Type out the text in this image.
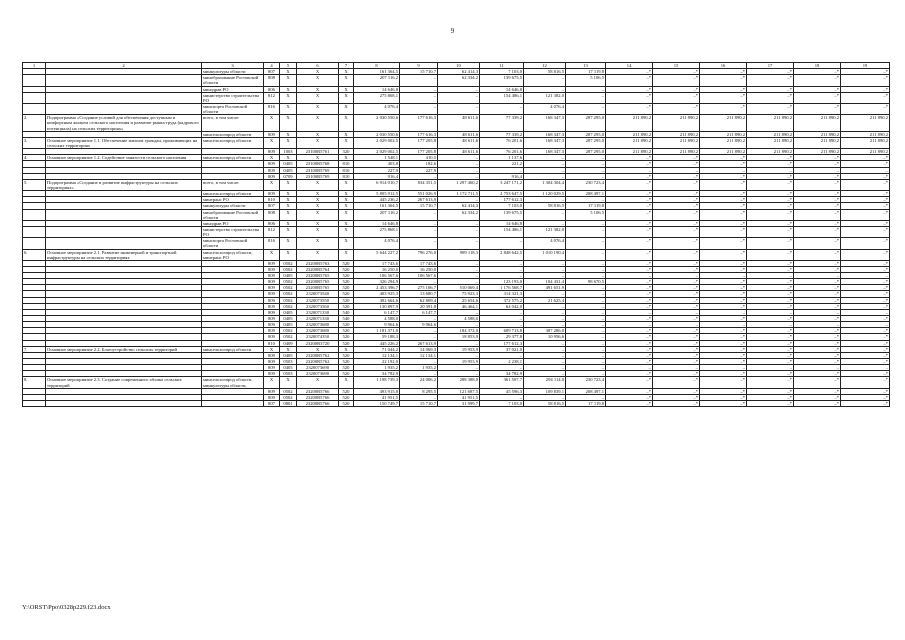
9
1	2	3	4	5	6	7	8	9	10	11	12	13	14	15	16	17	18	19
		минкультуры области	807	X	X	X	161 364,5	15 710,7	62 414,3	7 103,0	58 816,5	17 119,8	–*	–*	–*	–*	–*	–*
		минобразование Ростовской области	808	X	X	X	207 116,2	–	62 334,2	139 675,5	–	5 106,5	–*	–*	–*	–*	–*	–*
		минздрав РО	806	X	X	X	14 646,8	–	–	14 646,8	–	–	–*	–*	–*	–*	–*	–*
		министерство строительства РО	812	X	X	X	275 868,1	–	–	154 486,1	121 382,0	–	–*	–*	–*	–*	–*	–*
		минспорта Ростовской области	816	X	X	X	4 076,4	–	–	–	4 076,4	–	–*	–*	–*	–*	–*	–*
2.	Подпрограмма «Создание условий для обеспечения доступным и комфортным жильем сельского населения и развитие рынка труда (кадрового потенциала) на сельских территориях»	всего, в том числе:	X	X	X	X	2 030 550,6	177 616,3	48 611,6	77 339,2	168 347,3	287 295,0	211 890,2	211 890,2	211 890,2	211 890,2	211 890,2	211 890,2
		минсельхозпрод области	809	X	X	X	2 030 550,6	177 616,3	48 611,6	77 339,2	168 347,3	287 295,0	211 890,2	211 890,2	211 890,2	211 890,2	211 890,2	211 890,2
3.	Основное мероприятие 1.1. Обеспечение жильем граждан, проживающих на сельских территориях	минсельхозпрод области	X	X	X	X	2 029 002,5	177 205,8	48 611,6	76 201,6	168 347,3	287 295,0	211 890,2	211 890,2	211 890,2	211 890,2	211 890,2	211 890,2
			809	1003	23100R5761	320	2 029 002,5	177 205,8	48 611,6	76 201,6	168 347,3	287 295,0	211 890,2	211 890,2	211 890,2	211 890,2	211 890,2	211 890,2
4.	Основное мероприятие 1.2. Содействие занятости сельского населения	минсельхозпрод области	X	X	X	X	1 548,1	410,5	–	1 137,6	–	–	–*	–*	–*	–*	–*	–*
			809	0405	23100R5768	810	403,8	182,6	–	221,2	–	–	–*	–*	–*	–*	–*	–*
			809	0405	23100R5769	810	227,9	227,9	–	–	–	–	–	–	–	–	–	–
			809	0709	23100R5769	810	916,4	–	–	916,4	–	–	–*	–*	–*	–*	–*	–*
5.	Подпрограмма «Создание и развитие инфраструктуры на сельских территориях»	всего, в том числе:	X	X	X	X	6 914 010,7	834 351,5	1 297 460,2	3 247 171,2	1 304 304,4	230 723,4	–*	–*	–*	–*	–*	–*
		минсельхозпрод области	809	X	X	X	5 805 912,5	551 026,9	1 172 711,5	2 753 647,5	1 120 029,5	208 497,1	–*	–*	–*	–*	–*	–*
		минтранс РО	810	X	X	X	445 236,2	267 613,9	–	177 612,3	–	–	–*	–*	–*	–*	–*	–*
		минкультуры области	807	X	X	X	161 364,5	15 710,7	62 414,3	7 103,0	58 816,5	17 119,8	–*	–*	–*	–*	–*	–*
		минобразование Ростовской области	808	X	X	X	207 116,2	–	62 334,2	139 675,5	–	5 106,5	–*	–*	–*	–*	–*	–*
		минздрав РО	806	X	X	X	14 646,8	–	–	14 646,8	–	–	–*	–*	–*	–*	–*	–*
		министерство строительства РО	812	X	X	X	275 868,1	–	–	154 486,1	121 382,0	–	–*	–*	–*	–*	–*	–*
		минспорта Ростовской области	816	X	X	X	4 076,4	–	–	–	4 076,4	–	–*	–*	–*	–*	–*	–*
6.	Основное мероприятие 2.1. Развитие инженерной и транспортной инфраструктуры на сельских территориях	минсельхозпрод области, минтранс РО	X	X	X	X	5 644 227,2	796 276,0	989 118,3	2 848 642,5	1 010 190,4	–	–*	–*	–*	–*	–*	–*
			809	0502	23200R5763	520	17 743,6	17 743,6	–	–	–	–	–*	–*	–*	–*	–*	–*
			809	0502	23200R5764	520	16 250,0	16 250,0	–	–	–	–	–*	–*	–*	–*	–*	–*
			809	0405	23200R5765	520	106 567,6	106 567,6	–	–	–	–	–	–	–	–	–	–
			809	0502	23200R5765	520	326 294,9	–	–	123 193,0	104 431,4	98 670,5	–*	–*	–*	–*	–*	–*
			809	0502	23200R5765	520	2 453 396,7	275 106,7	510 069,4	1 176 568,7	491 651,9	–	–*	–*	–*	–*	–*	–*
			809	0502	2320073540	520	403 925,3	13 680,7	75 923,3	314 321,3	–	–	–*	–*	–*	–*	–*	–*
			809	0502	2320073550	520	492 664,6	62 809,4	25 654,6	372 575,2	21 625,4	–	–*	–*	–*	–*	–*	–*
			809	0502	2320073560	520	130 897,9	20 391,8	46 464,1	64 042,0	–	–	–*	–*	–*	–*	–*	–*
			809	0405	2320071330	540	6 147,7	6 147,7	–	–	–	–	–	–	–	–	–	–
			809	0405	2320071330	540	4 588,0	–	4 588,0	–	–	–	–*	–*	–*	–*	–*	–*
			809	0405	2320073680	520	9 964,6	9 964,6	–	–	–	–	–	–	–	–	–	–
			809	0502	2320073680	520	1 181 371,8	–	184 372,0	609 713,8	387 286,0	–	–*	–*	–*	–*	–*	–*
			809	0502	2320074350	520	59 188,3	–	18 853,9	29 377,8	10 956,6	–	–*	–*	–*	–*	–*	–*
			810	0409	23200R3720	520	445 226,2	267 613,9	–	177 612,3	–	–	–*	–*	–*	–*	–*	–*
7.	Основное мероприятие 2.2. Благоустройство сельских территорий	минсельхозпрод области	X	X	X	X	71 044,2	14 069,3	19 953,9	37 021,0	–	–	–*	–*	–*	–*	–*	–*
			809	0405	23200R5762	520	12 134,1	12 134,1	–	–	–	–	–*	–*	–*	–*	–*	–*
			809	0503	23200R5762	520	22 192,0	–	19 953,9	2 238,1	–	–	–*	–*	–*	–*	–*	–*
			809	0405	2320073690	520	1 935,2	1 935,2	–	–	–	–	–	–	–	–	–	–
			809	0503	2320073690	520	34 782,9	–	–	34 782,9	–	–	–*	–*	–*	–*	–*	–*
8.	Основное мероприятие 2.3. Создание современного облика сельских территорий	минсельхозпрод области, минкультуры области,	X	X	X	X	1 198 739,3	24 006,2	288 388,0	361 507,7	294 114,0	230 723,4	–*	–*	–*	–*	–*	–*
			809	0502	23200R5766	520	493 915,8	8 295,5	121 687,5	45 596,3	109 839,1	208 497,1	–*	–*	–*	–*	–*	–*
			809	0502	23200R5766	520	41 951,5	–	41 951,5	–	–	–	–*	–*	–*	–*	–*	–*
			807	0801	23200R5766	520	150 749,7	15 710,7	31 999,7	7 103,0	58 816,5	17 119,8	–*	–*	–*	–*	–*	–*
Y:\ORST\Ppo\0328p229.f23.docx
